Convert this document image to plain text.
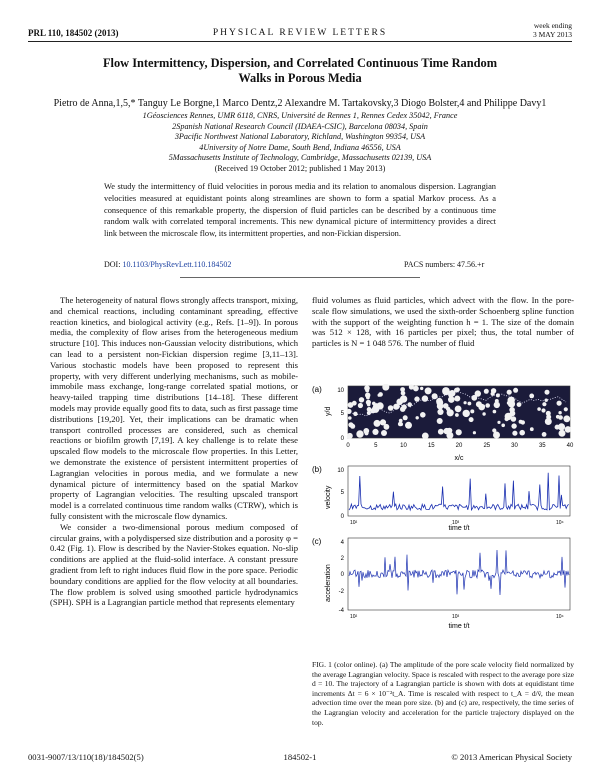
PRL 110, 184502 (2013)	PHYSICAL REVIEW LETTERS
week ending
3 MAY 2013
Flow Intermittency, Dispersion, and Correlated Continuous Time Random
Walks in Porous Media
Pietro de Anna,1,5,* Tanguy Le Borgne,1 Marco Dentz,2 Alexandre M. Tartakovsky,3 Diogo Bolster,4 and Philippe Davy1
1Géosciences Rennes, UMR 6118, CNRS, Université de Rennes 1, Rennes Cedex 35042, France
2Spanish National Research Council (IDAEA-CSIC), Barcelona 08034, Spain
3Pacific Northwest National Laboratory, Richland, Washington 99354, USA
4University of Notre Dame, South Bend, Indiana 46556, USA
5Massachusetts Institute of Technology, Cambridge, Massachusetts 02139, USA
(Received 19 October 2012; published 1 May 2013)
We study the intermittency of fluid velocities in porous media and its relation to anomalous dispersion. Lagrangian velocities measured at equidistant points along streamlines are shown to form a spatial Markov process. As a consequence of this remarkable property, the dispersion of fluid particles can be described by a continuous time random walk with correlated temporal increments. This new dynamical picture of intermittency provides a direct link between the microscale flow, its intermittent properties, and non-Fickian dispersion.
DOI: 10.1103/PhysRevLett.110.184502	PACS numbers: 47.56.+r

The heterogeneity of natural flows strongly affects transport, mixing, and chemical reactions, including contaminant spreading, effective reaction kinetics, and biological activity (e.g., Refs. [1–9]). In porous media, the complexity of flow arises from the heterogeneous medium structure [10]. This induces non-Gaussian velocity distributions, which can lead to a persistent non-Fickian dispersion regime [3,11–13]. Various stochastic models have been proposed to represent this property, with very different underlying mechanisms, such as mobile-immobile mass exchange, long-range correlated spatial motions, or heavy-tailed trapping time distributions [14–18]. These different models may provide equally good fits to data, such as first passage time distributions [19,20]. Yet, their implications can be dramatic when transport controlled processes are considered, such as chemical reactions or biofilm growth [7,19]. A key challenge is to relate these upscaled flow models to the microscale flow properties. In this Letter, we demonstrate the existence of persistent intermittent properties of Lagrangian velocities in porous media, and we formulate a new dynamical picture of intermittency based on the spatial Markov property of Lagrangian velocities. The resulting upscaled transport model is a correlated continuous time random walks (CTRW), which is fully consistent with the microscale flow dynamics.

We consider a two-dimensional porous medium composed of circular grains, with a polydispersed size distribution and a porosity φ = 0.42 (Fig. 1). Flow is described by the Navier-Stokes equation. No-slip conditions are applied at the fluid-solid interface. A constant pressure gradient from left to right induces fluid flow in the pore space. Periodic boundary conditions are applied for the flow velocity at all boundaries. The flow problem is solved using smoothed particle hydrodynamics (SPH). SPH is a Lagrangian particle method that represents elementary

fluid volumes as fluid particles, which advect with the flow. In the pore-scale flow simulations, we used the sixth-order Schoenberg spline function with the support of the weighting function h = 1. The size of the domain was 512 × 128, with 16 particles per pixel; thus, the total number of particles is N = 1 048 576. The number of fluid

(a)	10
5
0
0	5	10	15	20	25	30	35	40
y/d
x/c
(b)	10
5
0
velocity
10²	10³	10⁴
time t/t
(c)	4
2
0
-2
-4
acceleration
10²	10³	10⁴
time t/t
FIG. 1 (color online). (a) The amplitude of the pore scale velocity field normalized by the average Lagrangian velocity. Space is rescaled with respect to the average pore size d = 10. The trajectory of a Lagrangian particle is shown with dots at equidistant time increments Δt = 6 × 10⁻²t_A. Time is rescaled with respect to t_A = d/v̄, the mean advection time over the mean pore size. (b) and (c) are, respectively, the time series of the Lagrangian velocity and acceleration for the particle trajectory displayed on the top.
0031-9007/13/110(18)/184502(5)	184502-1	© 2013 American Physical Society
